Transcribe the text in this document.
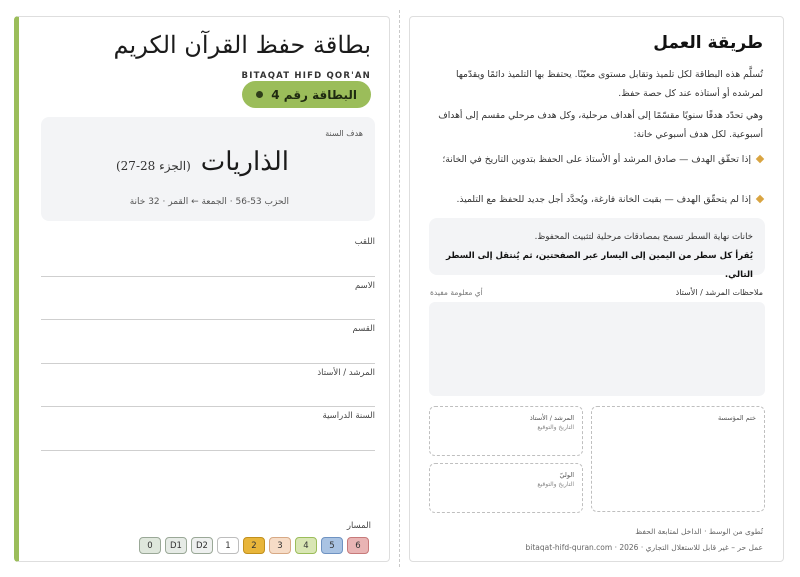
بطاقة حفظ القرآن الكريم
BITAQAT HIFD QOR'AN
البطاقة رقم 4
هدف السنة
الذاريات
(الجزء 28-27)
الحزب 53-56 · الجمعة ← القمر · 32 خانة
اللقب
الاسم
القسم
المرشد / الأستاذ
السنة الدراسية
المسار
0	D1	D2	1	2	3	4	5	6
طريقة العمل
تُسلَّم هذه البطاقة لكل تلميذ وتقابل مستوى معيّنًا. يحتفظ بها التلميذ دائمًا ويقدّمها لمرشده أو أستاذه عند كل حصة حفظ.
وهي تحدّد هدفًا سنويًا مقسّمًا إلى أهداف مرحلية، وكل هدف مرحلي مقسم إلى أهداف أسبوعية. لكل هدف أسبوعي خانة:
إذا تحقّق الهدف — صادق المرشد أو الأستاذ على الحفظ بتدوين التاريخ في الخانة؛
إذا لم يتحقّق الهدف — بقيت الخانة فارغة، ويُحدَّد أجل جديد للحفظ مع التلميذ.

خانات نهاية السطر تسمح بمصادقات مرحلية لتثبيت المحفوظ.

يُقرأ كل سطر من اليمين إلى اليسار عبر الصفحتين، ثم يُنتقل إلى السطر التالي.

ملاحظات المرشد / الأستاذ
أي معلومة مفيدة
ختم المؤسسة
المرشد / الأستاذ
التاريخ والتوقيع
الوليّ
التاريخ والتوقيع
تُطوى من الوسط · الداخل لمتابعة الحفظ
عمل حر – غير قابل للاستغلال التجاري · 2026 · bitaqat-hifd-quran.com
